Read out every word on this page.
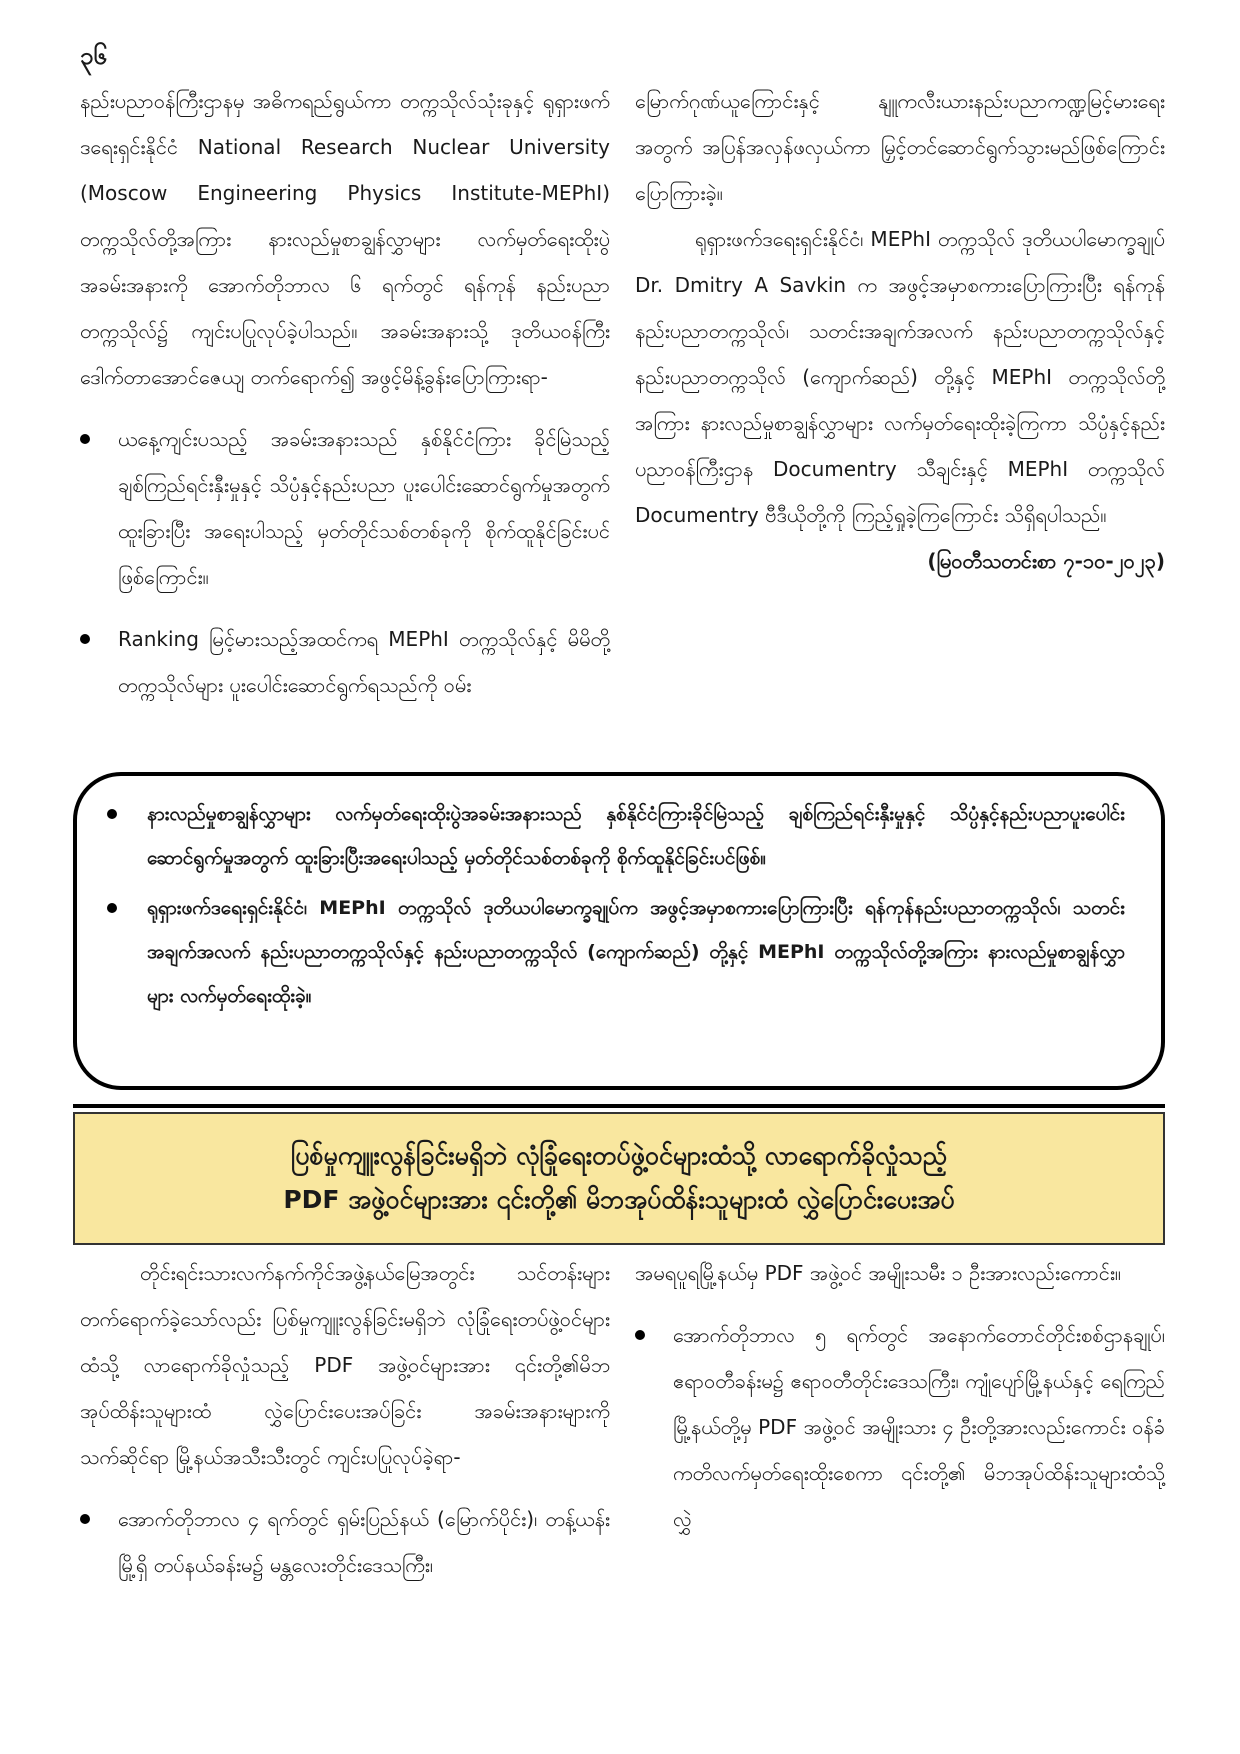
၃၆

နည်းပညာဝန်ကြီးဌာနမှ အဓိကရည်ရွယ်ကာ တက္ကသိုလ်သုံးခုနှင့် ရုရှားဖက်ဒရေးရှင်းနိုင်ငံ National Research Nuclear University (Moscow Engineering Physics Institute-MEPhI) တက္ကသိုလ်တို့အကြား နားလည်မှုစာချွန်လွှာများ လက်မှတ်ရေးထိုးပွဲအခမ်းအနားကို အောက်တိုဘာလ ၆ ရက်တွင် ရန်ကုန် နည်းပညာတက္ကသိုလ်၌ ကျင်းပပြုလုပ်ခဲ့ပါသည်။ အခမ်းအနားသို့ ဒုတိယဝန်ကြီး ဒေါက်တာအောင်ဇေယျ တက်ရောက်၍ အဖွင့်မိန့်ခွန်းပြောကြားရာ-

ယနေ့ကျင်းပသည့် အခမ်းအနားသည် နှစ်နိုင်ငံကြား ခိုင်မြဲသည့် ချစ်ကြည်ရင်းနှီးမှုနှင့် သိပ္ပံနှင့်နည်းပညာ ပူးပေါင်းဆောင်ရွက်မှုအတွက် ထူးခြားပြီး အရေးပါသည့် မှတ်တိုင်သစ်တစ်ခုကို စိုက်ထူနိုင်ခြင်းပင်ဖြစ်ကြောင်း။
Ranking မြင့်မားသည့်အထင်ကရ MEPhI တက္ကသိုလ်နှင့် မိမိတို့တက္ကသိုလ်များ ပူးပေါင်းဆောင်ရွက်ရသည်ကို ဝမ်း

မြောက်ဂုဏ်ယူကြောင်းနှင့် နျူကလီးယားနည်းပညာကဏ္ဍမြင့်မားရေးအတွက် အပြန်အလှန်ဖလှယ်ကာ မြှင့်တင်ဆောင်ရွက်သွားမည်ဖြစ်ကြောင်း ပြောကြားခဲ့။

ရုရှားဖက်ဒရေးရှင်းနိုင်ငံ၊ MEPhI တက္ကသိုလ် ဒုတိယပါမောက္ခချုပ် Dr. Dmitry A Savkin က အဖွင့်အမှာစကားပြောကြားပြီး ရန်ကုန်နည်းပညာတက္ကသိုလ်၊ သတင်းအချက်အလက် နည်းပညာတက္ကသိုလ်နှင့် နည်းပညာတက္ကသိုလ် (ကျောက်ဆည်) တို့နှင့် MEPhI တက္ကသိုလ်တို့အကြား နားလည်မှုစာချွန်လွှာများ လက်မှတ်ရေးထိုးခဲ့ကြကာ သိပ္ပံနှင့်နည်းပညာဝန်ကြီးဌာန Documentry သီချင်းနှင့် MEPhI တက္ကသိုလ် Documentry ဗီဒီယိုတို့ကို ကြည့်ရှုခဲ့ကြကြောင်း သိရှိရပါသည်။

(မြဝတီသတင်းစာ ၇-၁၀-၂၀၂၃)

နားလည်မှုစာချွန်လွှာများ လက်မှတ်ရေးထိုးပွဲအခမ်းအနားသည် နှစ်နိုင်ငံကြားခိုင်မြဲသည့် ချစ်ကြည်ရင်းနှီးမှုနှင့် သိပ္ပံနှင့်နည်းပညာပူးပေါင်းဆောင်ရွက်မှုအတွက် ထူးခြားပြီးအရေးပါသည့် မှတ်တိုင်သစ်တစ်ခုကို စိုက်ထူနိုင်ခြင်းပင်ဖြစ်။
ရုရှားဖက်ဒရေးရှင်းနိုင်ငံ၊ MEPhI တက္ကသိုလ် ဒုတိယပါမောက္ခချုပ်က အဖွင့်အမှာစကားပြောကြားပြီး ရန်ကုန်နည်းပညာတက္ကသိုလ်၊ သတင်းအချက်အလက် နည်းပညာတက္ကသိုလ်နှင့် နည်းပညာတက္ကသိုလ် (ကျောက်ဆည်) တို့နှင့် MEPhI တက္ကသိုလ်တို့အကြား နားလည်မှုစာချွန်လွှာများ လက်မှတ်ရေးထိုးခဲ့။
ပြစ်မှုကျူးလွန်ခြင်းမရှိဘဲ လုံခြုံရေးတပ်ဖွဲ့ဝင်များထံသို့ လာရောက်ခိုလှုံသည့်
PDF အဖွဲ့ဝင်များအား ၎င်းတို့၏ မိဘအုပ်ထိန်းသူများထံ လွှဲပြောင်းပေးအပ်

တိုင်းရင်းသားလက်နက်ကိုင်အဖွဲ့နယ်မြေအတွင်း သင်တန်းများ တက်ရောက်ခဲ့သော်လည်း ပြစ်မှုကျူးလွန်ခြင်းမရှိဘဲ လုံခြုံရေးတပ်ဖွဲ့ဝင်များထံသို့ လာရောက်ခိုလှုံသည့် PDF အဖွဲ့ဝင်များအား ၎င်းတို့၏မိဘအုပ်ထိန်းသူများထံ လွှဲပြောင်းပေးအပ်ခြင်း အခမ်းအနားများကို သက်ဆိုင်ရာ မြို့နယ်အသီးသီးတွင် ကျင်းပပြုလုပ်ခဲ့ရာ-

အောက်တိုဘာလ ၄ ရက်တွင် ရှမ်းပြည်နယ် (မြောက်ပိုင်း)၊ တန့်ယန်းမြို့ရှိ တပ်နယ်ခန်းမ၌ မန္တလေးတိုင်းဒေသကြီး၊

အမရပူရမြို့နယ်မှ PDF အဖွဲ့ဝင် အမျိုးသမီး ၁ ဦးအားလည်းကောင်း။

အောက်တိုဘာလ ၅ ရက်တွင် အနောက်တောင်တိုင်းစစ်ဌာနချုပ်၊ ဧရာဝတီခန်းမ၌ ဧရာဝတီတိုင်းဒေသကြီး၊ ကျုံပျော်မြို့နယ်နှင့် ရေကြည်မြို့နယ်တို့မှ PDF အဖွဲ့ဝင် အမျိုးသား ၄ ဦးတို့အားလည်းကောင်း ဝန်ခံကတိလက်မှတ်ရေးထိုးစေကာ ၎င်းတို့၏ မိဘအုပ်ထိန်းသူများထံသို့ လွှဲ
